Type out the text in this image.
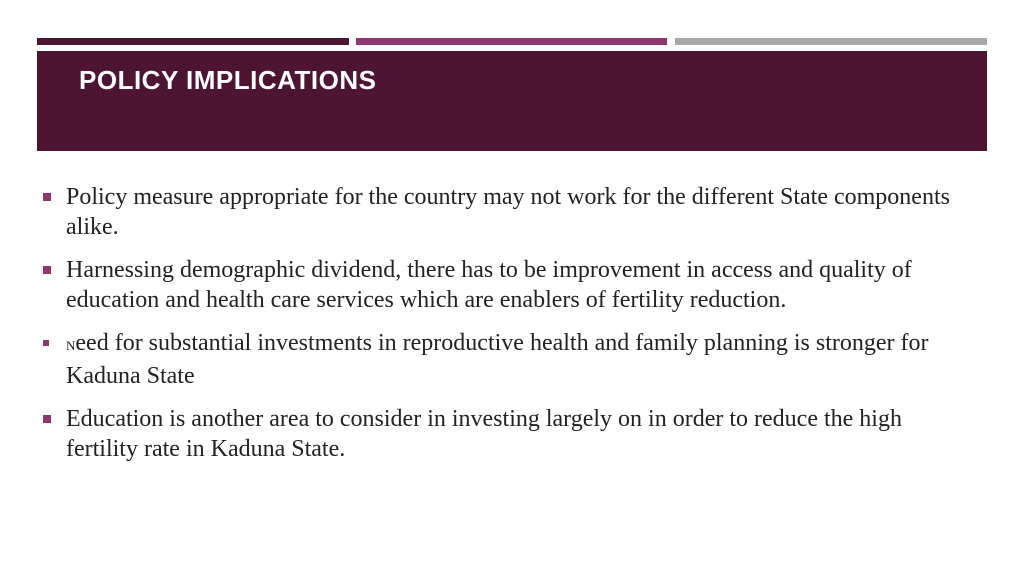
POLICY IMPLICATIONS
Policy measure appropriate for the country may not work for the different State components alike.
Harnessing demographic dividend, there has to be improvement in access and quality of education and health care services which are enablers of fertility reduction.
Need for substantial investments in reproductive health and family planning is stronger for Kaduna State
Education is another area to consider in investing largely on in order to reduce the high fertility rate in Kaduna State.
